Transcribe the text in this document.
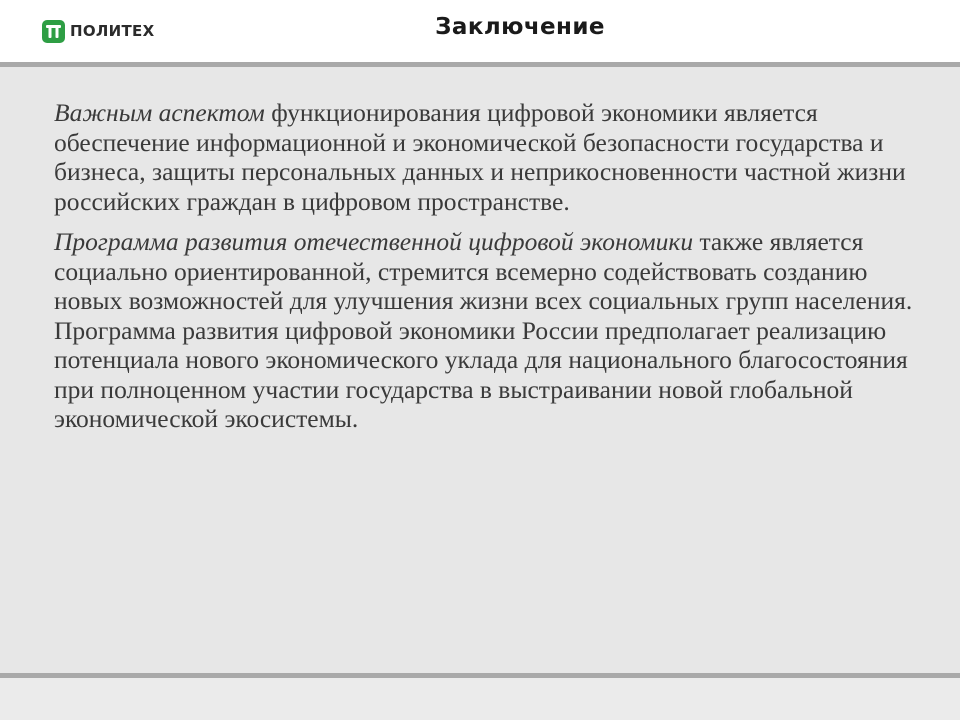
ПОЛИТЕХ	Заключение

Важным аспектом функционирования цифровой экономики является обеспечение информационной и экономической безопасности государства и бизнеса, защиты персональных данных и неприкосновенности частной жизни российских граждан в цифровом пространстве.

Программа развития отечественной цифровой экономики также является социально ориентированной, стремится всемерно содействовать созданию новых возможностей для улучшения жизни всех социальных групп населения. Программа развития цифровой экономики России предполагает реализацию потенциала нового экономического уклада для национального благосостояния при полноценном участии государства в выстраивании новой глобальной экономической экосистемы.
